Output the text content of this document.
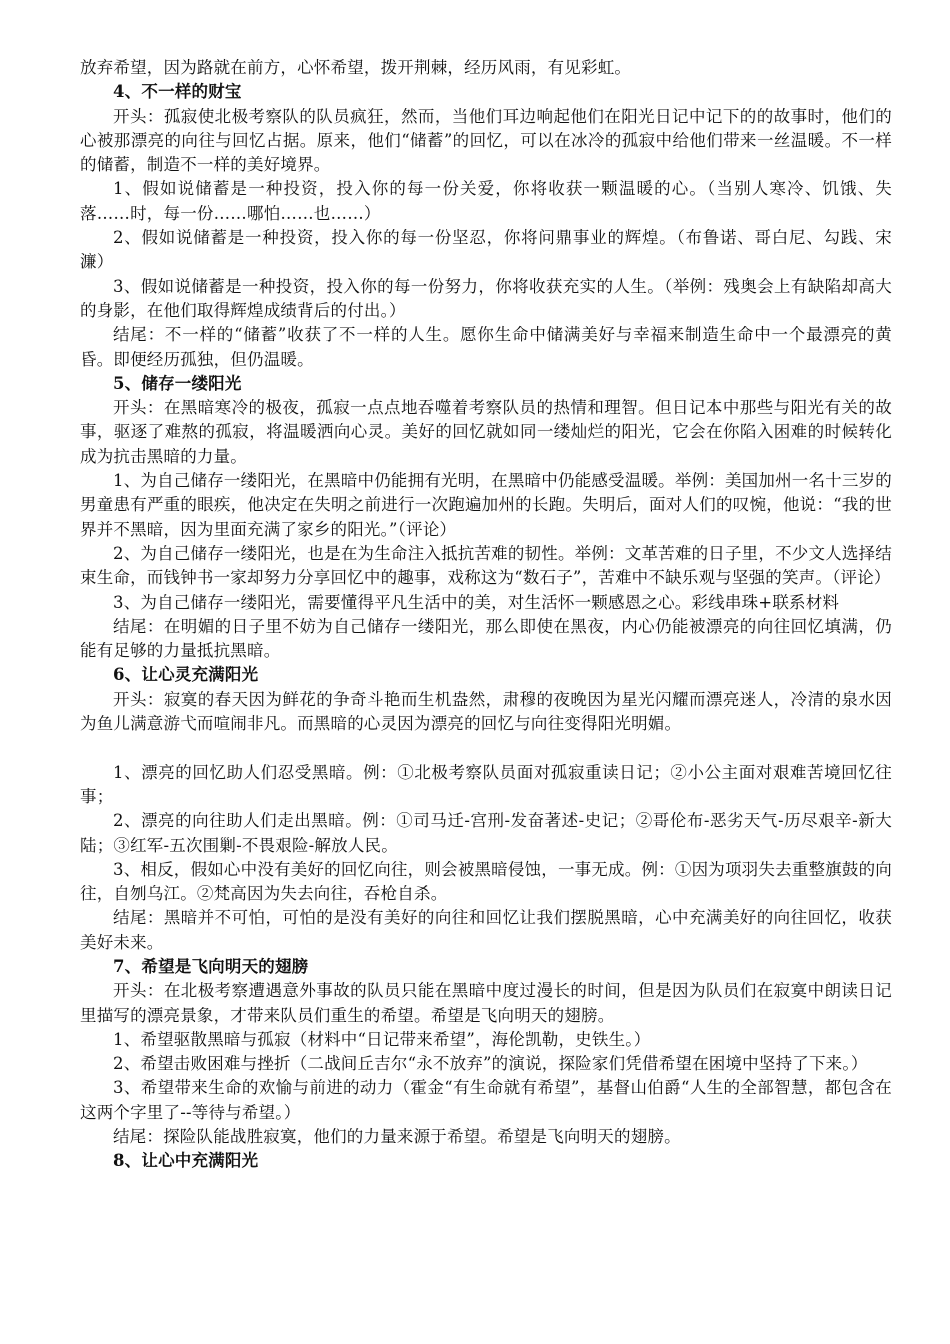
放弃希望，因为路就在前方，心怀希望，拨开荆棘，经历风雨，有见彩虹。

4、不一样的财宝

开头：孤寂使北极考察队的队员疯狂，然而，当他们耳边响起他们在阳光日记中记下的的故事时，他们的心被那漂亮的向往与回忆占据。原来，他们“储蓄”的回忆，可以在冰冷的孤寂中给他们带来一丝温暖。不一样的储蓄，制造不一样的美好境界。

1、假如说储蓄是一种投资，投入你的每一份关爱，你将收获一颗温暖的心。（当别人寒冷、饥饿、失落……时，每一份……哪怕……也……）

2、假如说储蓄是一种投资，投入你的每一份坚忍，你将问鼎事业的辉煌。（布鲁诺、哥白尼、勾践、宋濂）

3、假如说储蓄是一种投资，投入你的每一份努力，你将收获充实的人生。（举例：残奥会上有缺陷却高大的身影，在他们取得辉煌成绩背后的付出。）

结尾：不一样的“储蓄”收获了不一样的人生。愿你生命中储满美好与幸福来制造生命中一个最漂亮的黄昏。即便经历孤独，但仍温暖。

5、储存一缕阳光

开头：在黑暗寒冷的极夜，孤寂一点点地吞噬着考察队员的热情和理智。但日记本中那些与阳光有关的故事，驱逐了难熬的孤寂，将温暖洒向心灵。美好的回忆就如同一缕灿烂的阳光，它会在你陷入困难的时候转化成为抗击黑暗的力量。

1、为自己储存一缕阳光，在黑暗中仍能拥有光明，在黑暗中仍能感受温暖。举例：美国加州一名十三岁的男童患有严重的眼疾，他决定在失明之前进行一次跑遍加州的长跑。失明后，面对人们的叹惋，他说：“我的世界并不黑暗，因为里面充满了家乡的阳光。”（评论）

2、为自己储存一缕阳光，也是在为生命注入抵抗苦难的韧性。举例：文革苦难的日子里，不少文人选择结束生命，而钱钟书一家却努力分享回忆中的趣事，戏称这为“数石子”，苦难中不缺乐观与坚强的笑声。（评论）

3、为自己储存一缕阳光，需要懂得平凡生活中的美，对生活怀一颗感恩之心。彩线串珠+联系材料

结尾：在明媚的日子里不妨为自己储存一缕阳光，那么即使在黑夜，内心仍能被漂亮的向往回忆填满，仍能有足够的力量抵抗黑暗。

6、让心灵充满阳光

开头：寂寞的春天因为鲜花的争奇斗艳而生机盎然，肃穆的夜晚因为星光闪耀而漂亮迷人，冷清的泉水因为鱼儿满意游弋而喧闹非凡。而黑暗的心灵因为漂亮的回忆与向往变得阳光明媚。

1、漂亮的回忆助人们忍受黑暗。例：①北极考察队员面对孤寂重读日记；②小公主面对艰难苦境回忆往事；

2、漂亮的向往助人们走出黑暗。例：①司马迁-宫刑-发奋著述-史记；②哥伦布-恶劣天气-历尽艰辛-新大陆；③红军-五次围剿-不畏艰险-解放人民。

3、相反，假如心中没有美好的回忆向往，则会被黑暗侵蚀，一事无成。例：①因为项羽失去重整旗鼓的向往，自刎乌江。②梵高因为失去向往，吞枪自杀。

结尾：黑暗并不可怕，可怕的是没有美好的向往和回忆让我们摆脱黑暗，心中充满美好的向往回忆，收获美好未来。

7、希望是飞向明天的翅膀

开头：在北极考察遭遇意外事故的队员只能在黑暗中度过漫长的时间，但是因为队员们在寂寞中朗读日记里描写的漂亮景象，才带来队员们重生的希望。希望是飞向明天的翅膀。

1、希望驱散黑暗与孤寂（材料中“日记带来希望”，海伦凯勒，史铁生。）

2、希望击败困难与挫折（二战间丘吉尔“永不放弃”的演说，探险家们凭借希望在困境中坚持了下来。）

3、希望带来生命的欢愉与前进的动力（霍金“有生命就有希望”，基督山伯爵“人生的全部智慧，都包含在这两个字里了--等待与希望。）

结尾：探险队能战胜寂寞，他们的力量来源于希望。希望是飞向明天的翅膀。

8、让心中充满阳光
